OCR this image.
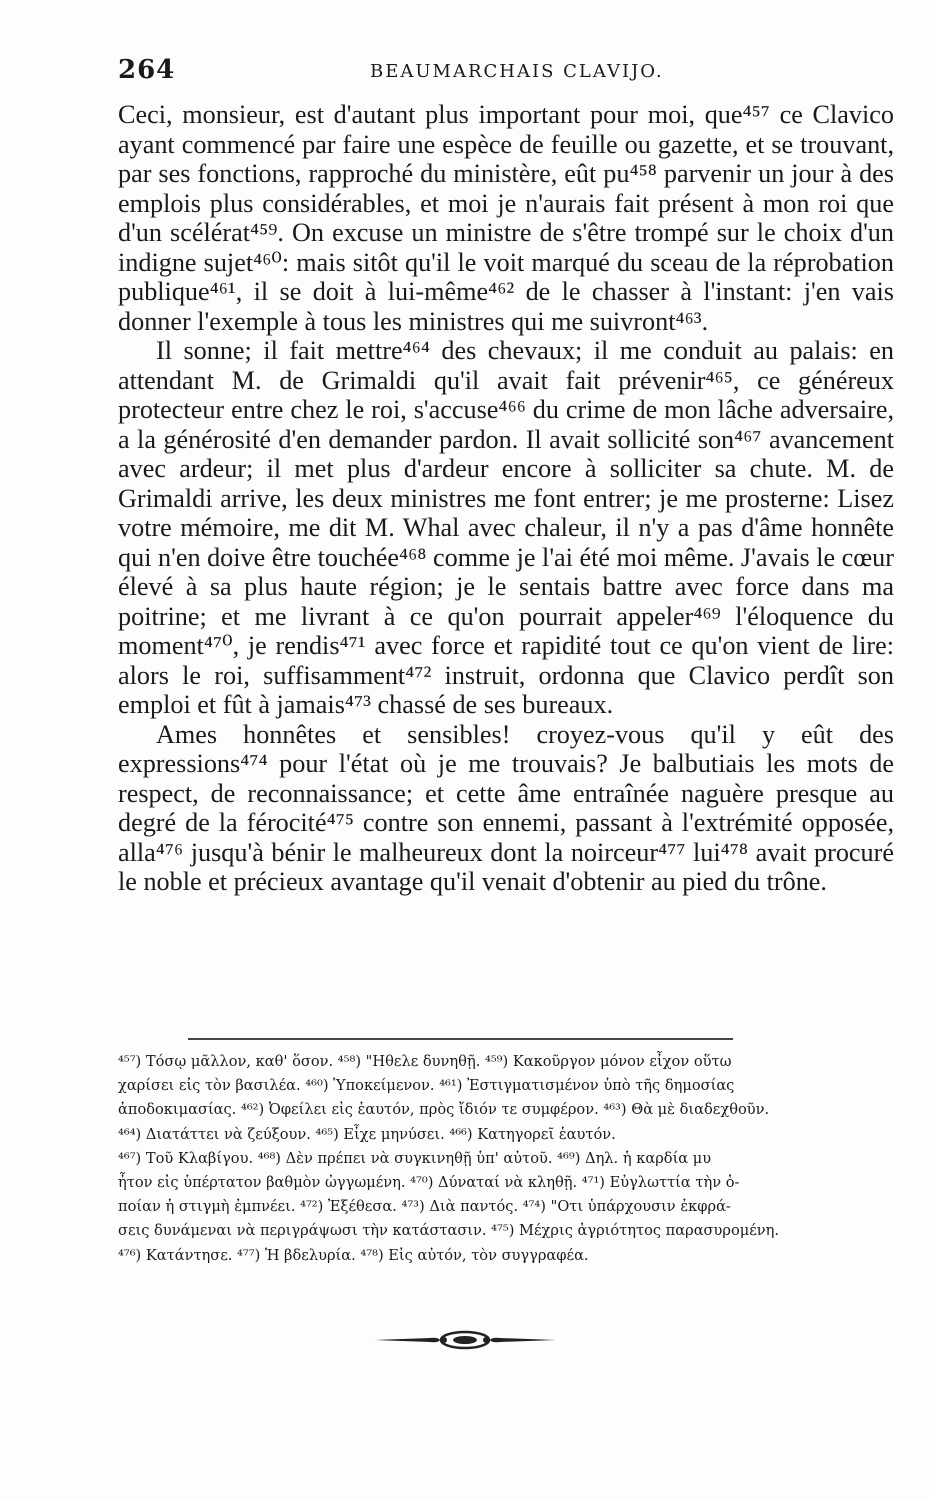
264	BEAUMARCHAIS CLAVIJO.

Ceci, monsieur, est d'autant plus important pour moi, que⁴⁵⁷ ce Clavico ayant commencé par faire une espèce de feuille ou gazette, et se trouvant, par ses fonctions, rapproché du ministère, eût pu⁴⁵⁸ parvenir un jour à des emplois plus considérables, et moi je n'aurais fait présent à mon roi que d'un scélérat⁴⁵⁹. On excuse un ministre de s'être trompé sur le choix d'un indigne sujet⁴⁶⁰: mais sitôt qu'il le voit marqué du sceau de la réprobation publique⁴⁶¹, il se doit à lui-même⁴⁶² de le chasser à l'instant: j'en vais donner l'exemple à tous les ministres qui me suivront⁴⁶³.

Il sonne; il fait mettre⁴⁶⁴ des chevaux; il me conduit au palais: en attendant M. de Grimaldi qu'il avait fait prévenir⁴⁶⁵, ce généreux protecteur entre chez le roi, s'accuse⁴⁶⁶ du crime de mon lâche adversaire, a la générosité d'en demander pardon. Il avait sollicité son⁴⁶⁷ avancement avec ardeur; il met plus d'ardeur encore à solliciter sa chute. M. de Grimaldi arrive, les deux ministres me font entrer; je me prosterne: Lisez votre mémoire, me dit M. Whal avec chaleur, il n'y a pas d'âme honnête qui n'en doive être touchée⁴⁶⁸ comme je l'ai été moi même. J'avais le cœur élevé à sa plus haute région; je le sentais battre avec force dans ma poitrine; et me livrant à ce qu'on pourrait appeler⁴⁶⁹ l'éloquence du moment⁴⁷⁰, je rendis⁴⁷¹ avec force et rapidité tout ce qu'on vient de lire: alors le roi, suffisamment⁴⁷² instruit, ordonna que Clavico perdît son emploi et fût à jamais⁴⁷³ chassé de ses bureaux.

Ames honnêtes et sensibles! croyez-vous qu'il y eût des expressions⁴⁷⁴ pour l'état où je me trouvais? Je balbutiais les mots de respect, de reconnaissance; et cette âme entraînée naguère presque au degré de la férocité⁴⁷⁵ contre son ennemi, passant à l'extrémité opposée, alla⁴⁷⁶ jusqu'à bénir le malheureux dont la noirceur⁴⁷⁷ lui⁴⁷⁸ avait procuré le noble et précieux avantage qu'il venait d'obtenir au pied du trône.

⁴⁵⁷) Τόσῳ μᾶλλον, καθ' ὅσον. ⁴⁵⁸) "Ηθελε δυνηθῇ. ⁴⁵⁹) Κακοῦργον μόνον εἶχον οὕτω
χαρίσει εἰς τὸν βασιλέα. ⁴⁶⁰) Ὑποκείμενον. ⁴⁶¹) Ἐστιγματισμένον ὑπὸ τῆς δημοσίας
ἀποδοκιμασίας. ⁴⁶²) Ὀφείλει εἰς ἑαυτόν, πρὸς ἴδιόν τε συμφέρον. ⁴⁶³) Θὰ μὲ διαδεχθοῦν.
⁴⁶⁴) Διατάττει νὰ ζεύξουν. ⁴⁶⁵) Εἶχε μηνύσει. ⁴⁶⁶) Κατηγορεῖ ἑαυτόν.
⁴⁶⁷) Τοῦ Κλαβίγου. ⁴⁶⁸) Δὲν πρέπει νὰ συγκινηθῇ ὑπ' αὐτοῦ. ⁴⁶⁹) Δηλ. ἡ καρδία μυ
ἦτον εἰς ὑπέρτατον βαθμὸν ὠγγωμένη. ⁴⁷⁰) Δύναταί νὰ κληθῇ. ⁴⁷¹) Εὐγλωττία τὴν ὁ-
ποίαν ἡ στιγμὴ ἐμπνέει. ⁴⁷²) Ἐξέθεσα. ⁴⁷³) Διὰ παντός. ⁴⁷⁴) "Οτι ὑπάρχουσιν ἐκφρά-
σεις δυνάμεναι νὰ περιγράψωσι τὴν κατάστασιν. ⁴⁷⁵) Μέχρις ἀγριότητος παρασυρομένη.
⁴⁷⁶) Κατάντησε. ⁴⁷⁷) Ἡ βδελυρία. ⁴⁷⁸) Εἰς αὐτόν, τὸν συγγραφέα.
